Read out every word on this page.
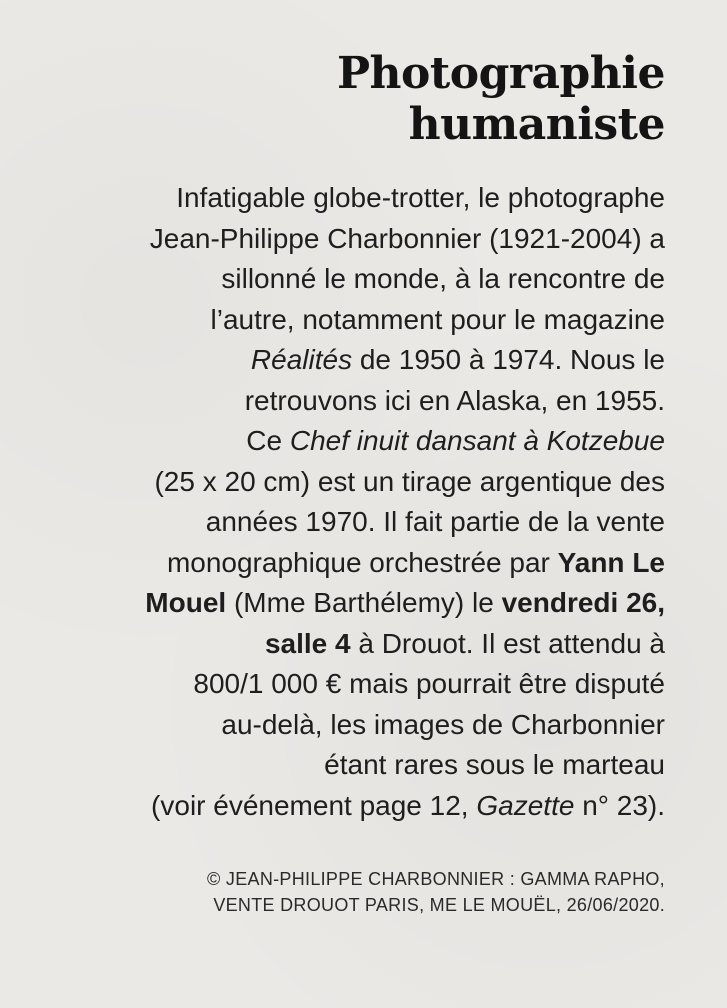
Photographie
humaniste
Infatigable globe-trotter, le photographe
Jean-Philippe Charbonnier (1921-2004) a
sillonné le monde, à la rencontre de
l’autre, notamment pour le magazine
Réalités de 1950 à 1974. Nous le
retrouvons ici en Alaska, en 1955.
Ce Chef inuit dansant à Kotzebue
(25 x 20 cm) est un tirage argentique des
années 1970. Il fait partie de la vente
monographique orchestrée par Yann Le
Mouel (Mme Barthélemy) le vendredi 26,
salle 4 à Drouot. Il est attendu à
800/1 000 € mais pourrait être disputé
au-delà, les images de Charbonnier
étant rares sous le marteau
(voir événement page 12, Gazette n° 23).
© JEAN-PHILIPPE CHARBONNIER : GAMMA RAPHO,
VENTE DROUOT PARIS, ME LE MOUËL, 26/06/2020.
